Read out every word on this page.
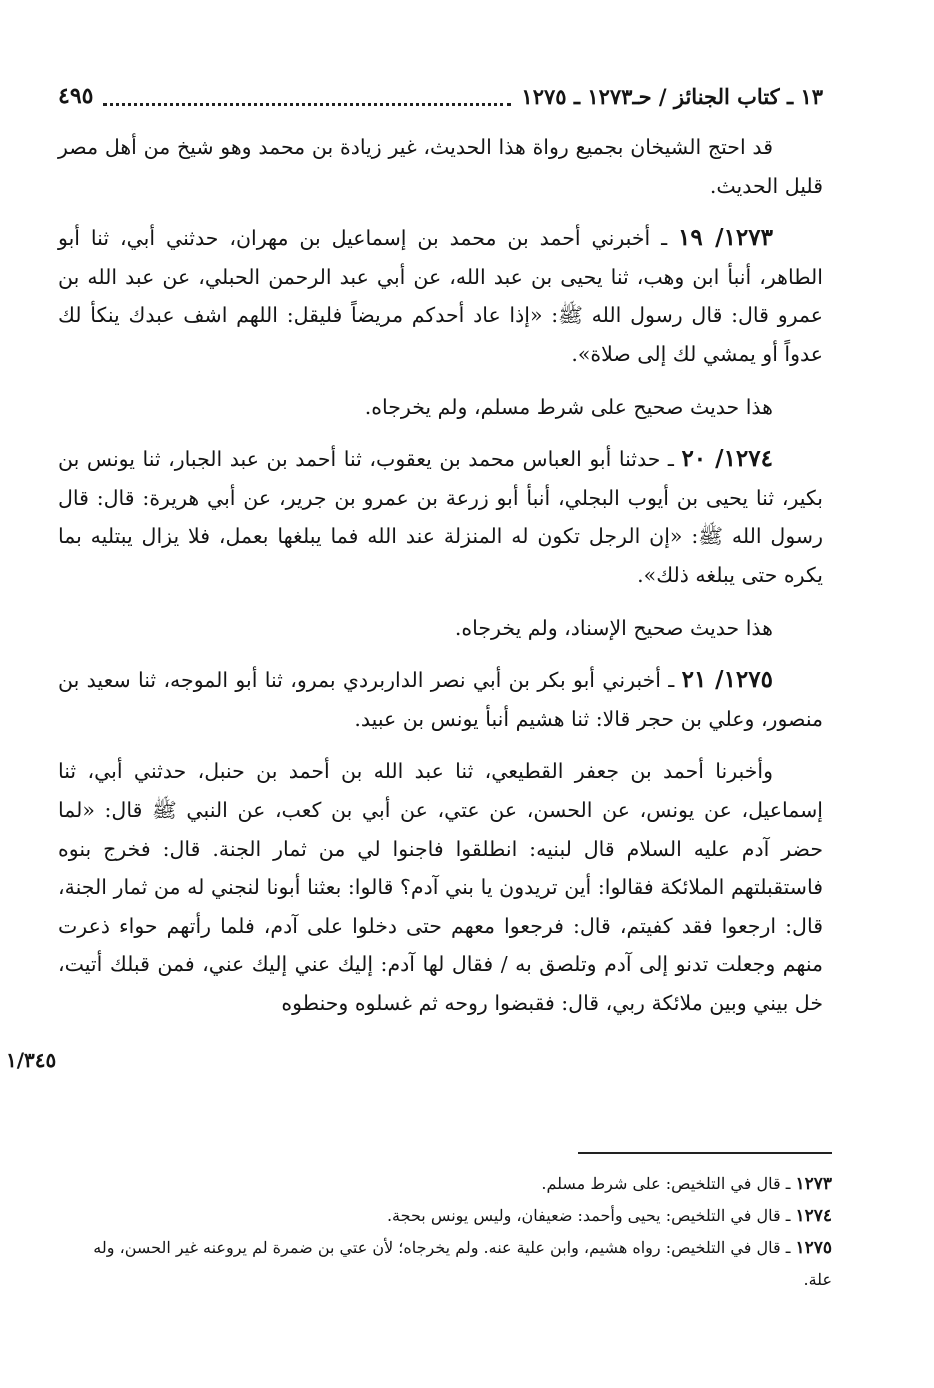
١٣ ـ كتاب الجنائز / حـ١٢٧٣ ـ ١٢٧٥
٤٩٥

قد احتج الشيخان بجميع رواة هذا الحديث، غير زيادة بن محمد وهو شيخ من أهل مصر قليل الحديث.

١٢٧٣/ ١٩ ـ أخبرني أحمد بن محمد بن إسماعيل بن مهران، حدثني أبي، ثنا أبو الطاهر، أنبأ ابن وهب، ثنا يحيى بن عبد الله، عن أبي عبد الرحمن الحبلي، عن عبد الله بن عمرو قال: قال رسول الله ﷺ: «إذا عاد أحدكم مريضاً فليقل: اللهم اشف عبدك ينكأ لك عدواً أو يمشي لك إلى صلاة».

هذا حديث صحيح على شرط مسلم، ولم يخرجاه.

١٢٧٤/ ٢٠ ـ حدثنا أبو العباس محمد بن يعقوب، ثنا أحمد بن عبد الجبار، ثنا يونس بن بكير، ثنا يحيى بن أيوب البجلي، أنبأ أبو زرعة بن عمرو بن جرير، عن أبي هريرة: قال: قال رسول الله ﷺ: «إن الرجل تكون له المنزلة عند الله فما يبلغها بعمل، فلا يزال يبتليه بما يكره حتى يبلغه ذلك».

هذا حديث صحيح الإسناد، ولم يخرجاه.

١٢٧٥/ ٢١ ـ أخبرني أبو بكر بن أبي نصر الداربردي بمرو، ثنا أبو الموجه، ثنا سعيد بن منصور، وعلي بن حجر قالا: ثنا هشيم أنبأ يونس بن عبيد.

وأخبرنا أحمد بن جعفر القطيعي، ثنا عبد الله بن أحمد بن حنبل، حدثني أبي، ثنا إسماعيل، عن يونس، عن الحسن، عن عتي، عن أبي بن كعب، عن النبي ﷺ قال: «لما حضر آدم عليه السلام قال لبنيه: انطلقوا فاجنوا لي من ثمار الجنة. قال: فخرج بنوه فاستقبلتهم الملائكة فقالوا: أين تريدون يا بني آدم؟ قالوا: بعثنا أبونا لنجني له من ثمار الجنة، قال: ارجعوا فقد كفيتم، قال: فرجعوا معهم حتى دخلوا على آدم، فلما رأتهم حواء ذعرت منهم وجعلت تدنو إلى آدم وتلصق به / فقال لها آدم: إليك عني إليك عني، فمن قبلك أتيت، خل بيني وبين ملائكة ربي، قال: فقبضوا روحه ثم غسلوه وحنطوه

١/٣٤٥

١٢٧٣ ـ قال في التلخيص: على شرط مسلم.

١٢٧٤ ـ قال في التلخيص: يحيى وأحمد: ضعيفان، وليس يونس بحجة.

١٢٧٥ ـ قال في التلخيص: رواه هشيم، وابن علية عنه. ولم يخرجاه؛ لأن عتي بن ضمرة لم يروعنه غير الحسن، وله علة.
